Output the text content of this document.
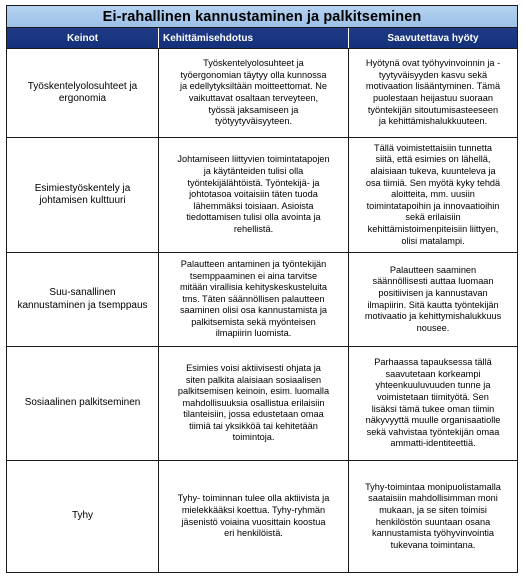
Ei-rahallinen kannustaminen ja palkitseminen
Keinot	Kehittämisehdotus	Saavutettava hyöty
Työskentelyolosuhteet ja
ergonomia
Työskentelyolosuhteet ja
työergonomian täytyy olla kunnossa
ja edellytyksiltään moitteettomat. Ne
vaikuttavat osaltaan terveyteen,
työssä jaksamiseen ja
työtyytyväisyyteen.
Hyötynä ovat työhyvinvoinnin ja -
tyytyväisyyden kasvu sekä
motivaation lisääntyminen. Tämä
puolestaan heijastuu suoraan
työntekijän sitoutumisasteeseen
ja kehittämishalukkuuteen.
Esimiestyöskentely ja
johtamisen kulttuuri
Johtamiseen liittyvien toimintatapojen
ja käytänteiden tulisi olla
työntekijälähtöistä. Työntekijä- ja
johtotasoa voitaisiin täten tuoda
lähemmäksi toisiaan. Asioista
tiedottamisen tulisi olla avointa ja
rehellistä.
Tällä voimistettaisiin tunnetta
siitä, että esimies on lähellä,
alaisiaan tukeva, kuunteleva ja
osa tiimiä. Sen myötä kyky tehdä
aloitteita, mm. uusiin
toimintatapoihin ja innovaatioihin
sekä erilaisiin
kehittämistoimenpiteisiin liittyen,
olisi matalampi.
Suu-sanallinen
kannustaminen ja tsemppaus
Palautteen antaminen ja työntekijän
tsemppaaminen ei aina tarvitse
mitään virallisia kehityskeskusteluita
tms. Täten säännöllisen palautteen
saaminen olisi osa kannustamista ja
palkitsemista sekä myönteisen
ilmapiirin luomista.
Palautteen saaminen
säännöllisesti auttaa luomaan
positiivisen ja kannustavan
ilmapiirin. Sitä kautta työntekijän
motivaatio ja kehittymishalukkuus
nousee.
Sosiaalinen palkitseminen
Esimies voisi aktiivisesti ohjata ja
siten palkita alaisiaan sosiaalisen
palkitsemisen keinoin, esim. luomalla
mahdollisuuksia osallistua erilaisiin
tilanteisiin, jossa edustetaan omaa
tiimiä tai yksikköä tai kehitetään
toimintoja.
Parhaassa tapauksessa tällä
saavutetaan korkeampi
yhteenkuuluvuuden tunne ja
voimistetaan tiimityötä. Sen
lisäksi tämä tukee oman tiimin
näkyvyyttä muulle organisaatiolle
sekä vahvistaa työntekijän omaa
ammatti-identiteettiä.
Tyhy
Tyhy- toiminnan tulee olla aktiivista ja
mielekkääksi koettua. Tyhy-ryhmän
jäsenistö voiaina vuosittain koostua
eri henkilöistä.
Tyhy-toimintaa monipuolistamalla
saataisiin mahdollisimman moni
mukaan, ja se siten toimisi
henkilöstön suuntaan osana
kannustamista työhyvinvointia
tukevana toimintana.
